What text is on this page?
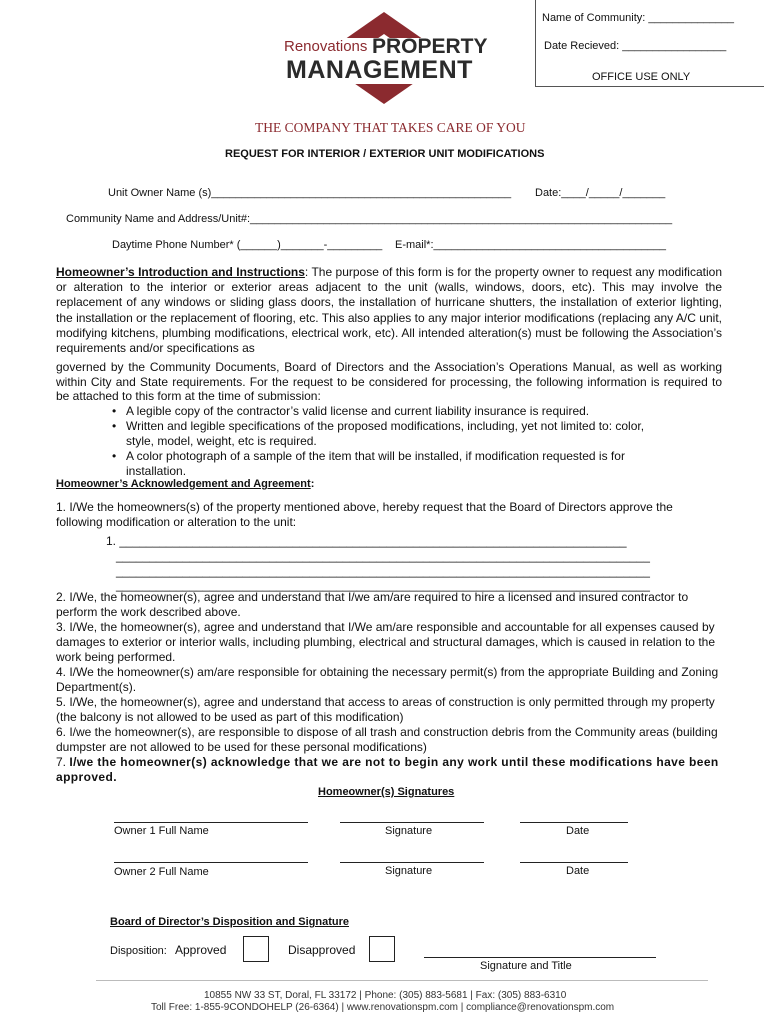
Renovations PROPERTY
MANAGEMENT
THE COMPANY THAT TAKES CARE OF YOU
Name of Community: ______________
Date Recieved: _________________
OFFICE USE ONLY
REQUEST FOR INTERIOR / EXTERIOR UNIT MODIFICATIONS
Unit Owner Name (s)_________________________________________________ Date:____/_____/_______
Community Name and Address/Unit#:_____________________________________________________________________
Daytime Phone Number* (______)_______-_________ E-mail*:______________________________________
Homeowner’s Introduction and Instructions: The purpose of this form is for the property owner to request any modification or alteration to the interior or exterior areas adjacent to the unit (walls, windows, doors, etc). This may involve the replacement of any windows or sliding glass doors, the installation of hurricane shutters, the installation of exterior lighting, the installation or the replacement of flooring, etc. This also applies to any major interior modifications (replacing any A/C unit, modifying kitchens, plumbing modifications, electrical work, etc). All intended alteration(s) must be following the Association’s requirements and/or specifications as
governed by the Community Documents, Board of Directors and the Association’s Operations Manual, as well as working within City and State requirements. For the request to be considered for processing, the following information is required to be attached to this form at the time of submission:
• A legible copy of the contractor’s valid license and current liability insurance is required.
• Written and legible specifications of the proposed modifications, including, yet not limited to: color, style, model, weight, etc is required.
• A color photograph of a sample of the item that will be installed, if modification requested is for installation.
Homeowner’s Acknowledgement and Agreement:
1. I/We the homeowners(s) of the property mentioned above, hereby request that the Board of Directors approve the following modification or alteration to the unit:
1. ____________________________________________________________________________
________________________________________________________________________________
________________________________________________________________________________
________________________________________________________________________________
2. I/We, the homeowner(s), agree and understand that I/we am/are required to hire a licensed and insured contractor to perform the work described above.
3. I/We, the homeowner(s), agree and understand that I/We am/are responsible and accountable for all expenses caused by damages to exterior or interior walls, including plumbing, electrical and structural damages, which is caused in relation to the work being performed.
4. I/We the homeowner(s) am/are responsible for obtaining the necessary permit(s) from the appropriate Building and Zoning Department(s).
5. I/We, the homeowner(s), agree and understand that access to areas of construction is only permitted through my property (the balcony is not allowed to be used as part of this modification)
6. I/we the homeowner(s), are responsible to dispose of all trash and construction debris from the Community areas (building dumpster are not allowed to be used for these personal modifications)
7. I/we the homeowner(s) acknowledge that we are not to begin any work until these modifications have been approved.
Homeowner(s) Signatures
Owner 1 Full Name	Signature	Date
Owner 2 Full Name	Signature	Date
Board of Director’s Disposition and Signature
Disposition: Approved	Disapproved
Signature and Title
10855 NW 33 ST, Doral, FL 33172 | Phone: (305) 883-5681 | Fax: (305) 883-6310
Toll Free: 1-855-9CONDOHELP (26-6364) | www.renovationspm.com | compliance@renovationspm.com
